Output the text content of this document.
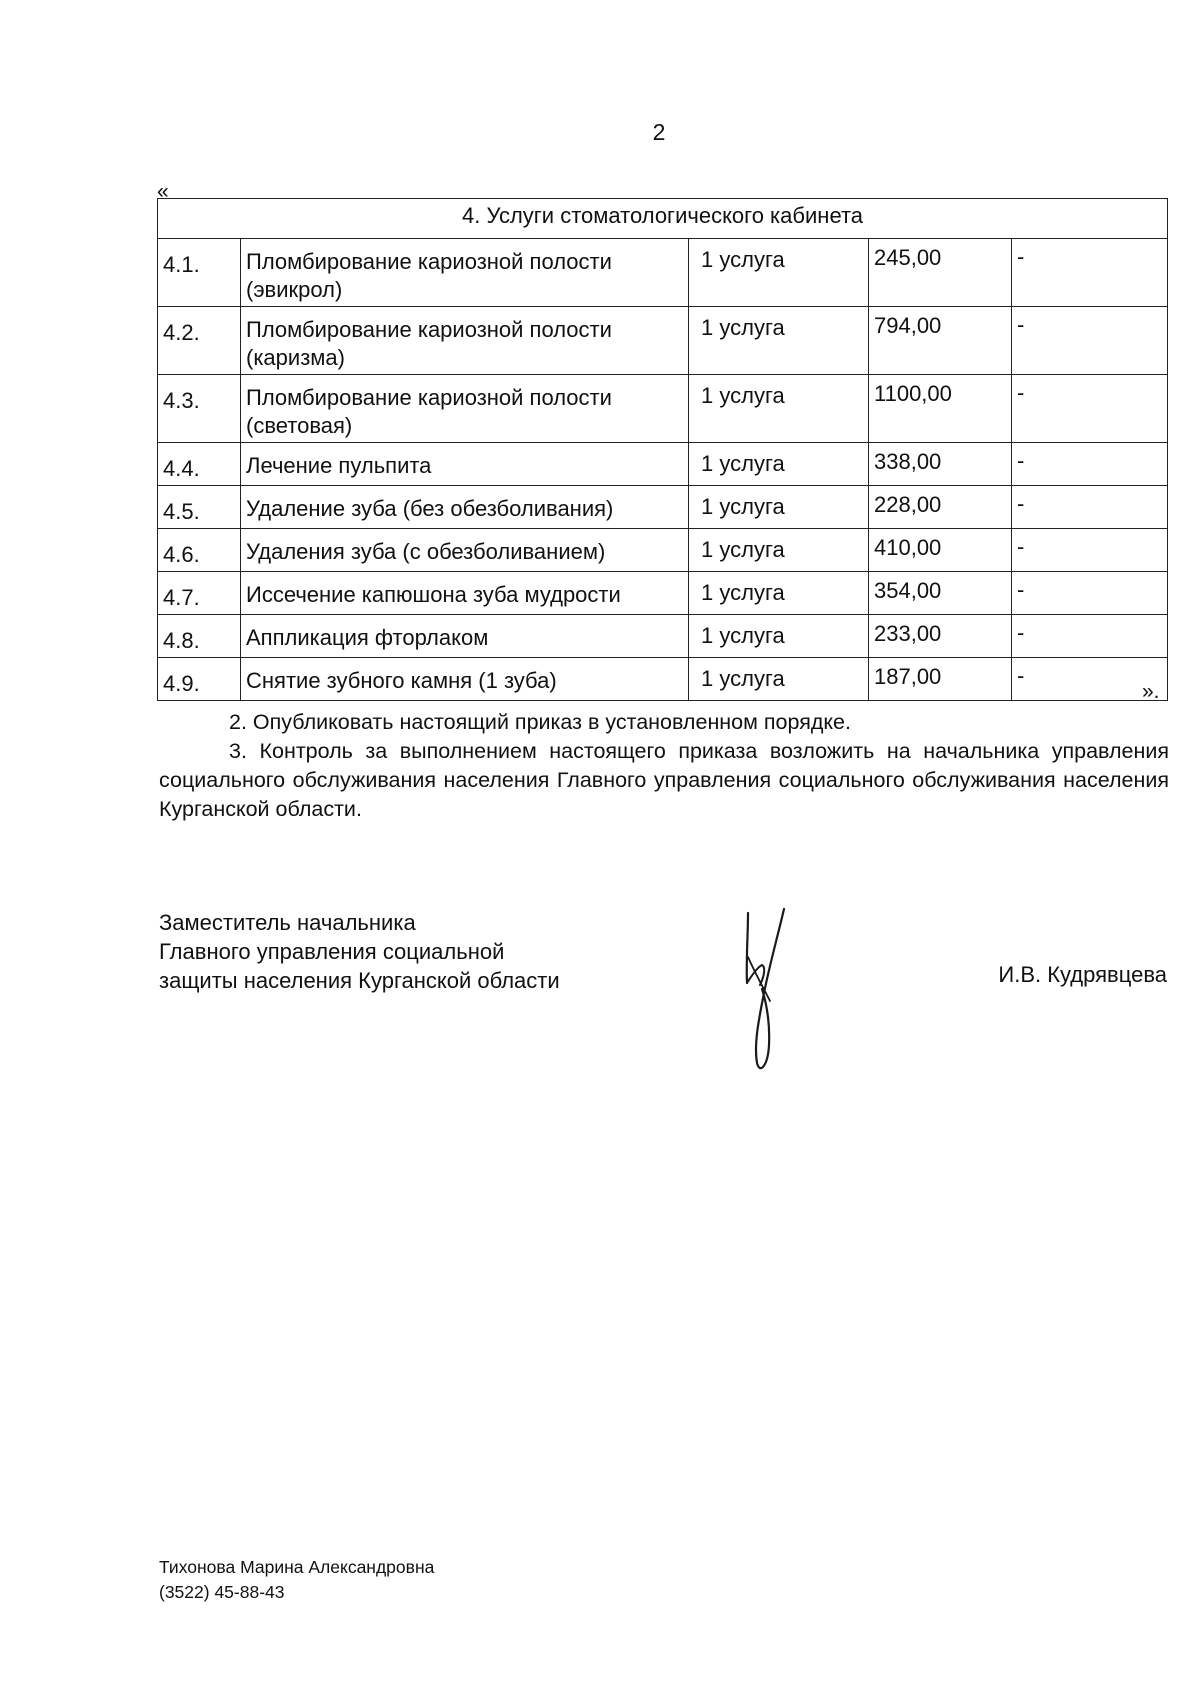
2
«
4. Услуги стоматологического кабинета				
4.1.	Пломбирование кариозной полости (эвикрол)	1 услуга	245,00	-
4.2.	Пломбирование кариозной полости (каризма)	1 услуга	794,00	-
4.3.	Пломбирование кариозной полости (световая)	1 услуга	1100,00	-
4.4.	Лечение пульпита	1 услуга	338,00	-
4.5.	Удаление зуба (без обезболивания)	1 услуга	228,00	-
4.6.	Удаления зуба (с обезболиванием)	1 услуга	410,00	-
4.7.	Иссечение капюшона зуба мудрости	1 услуга	354,00	-
4.8.	Аппликация фторлаком	1 услуга	233,00	-
4.9.	Снятие зубного камня (1 зуба)	1 услуга	187,00	-
».

2. Опубликовать настоящий приказ в установленном порядке.

3. Контроль за выполнением настоящего приказа возложить на начальника управления социального обслуживания населения Главного управления социального обслуживания населения Курганской области.

Заместитель начальника
Главного управления социальной
защиты населения Курганской области	И.В. Кудрявцева
Тихонова Марина Александровна
(3522) 45-88-43
